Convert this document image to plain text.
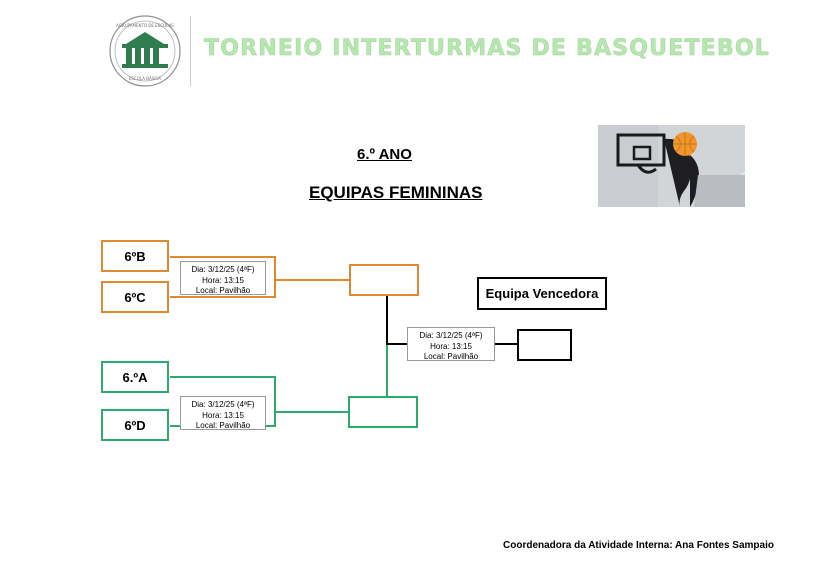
AGRUPAMENTO DE ESCOLAS
ESCOLA BÁSICA
TORNEIO INTERTURMAS DE BASQUETEBOL
6.º ANO
EQUIPAS FEMININAS
6ºB
6ºC
6.ºA
6ºD
Dia: 3/12/25 (4ªF)
Hora: 13:15
Local: Pavilhão
Dia: 3/12/25 (4ªF)
Hora: 13:15
Local: Pavilhão
Dia: 3/12/25 (4ªF)
Hora: 13:15
Local: Pavilhão
Equipa Vencedora
Coordenadora da Atividade Interna: Ana Fontes Sampaio
